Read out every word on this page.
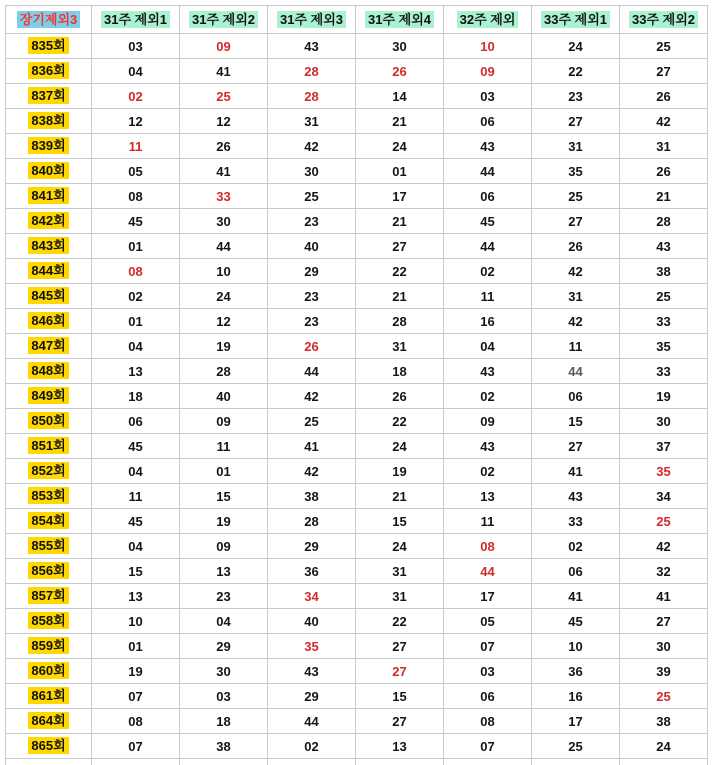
장기제외3	31주 제외1	31주 제외2	31주 제외3	31주 제외4	32주 제외	33주 제외1	33주 제외2
835회	03	09	43	30	10	24	25
836회	04	41	28	26	09	22	27
837회	02	25	28	14	03	23	26
838회	12	12	31	21	06	27	42
839회	11	26	42	24	43	31	31
840회	05	41	30	01	44	35	26
841회	08	33	25	17	06	25	21
842회	45	30	23	21	45	27	28
843회	01	44	40	27	44	26	43
844회	08	10	29	22	02	42	38
845회	02	24	23	21	11	31	25
846회	01	12	23	28	16	42	33
847회	04	19	26	31	04	11	35
848회	13	28	44	18	43	44	33
849회	18	40	42	26	02	06	19
850회	06	09	25	22	09	15	30
851회	45	11	41	24	43	27	37
852회	04	01	42	19	02	41	35
853회	11	15	38	21	13	43	34
854회	45	19	28	15	11	33	25
855회	04	09	29	24	08	02	42
856회	15	13	36	31	44	06	32
857회	13	23	34	31	17	41	41
858회	10	04	40	22	05	45	27
859회	01	29	35	27	07	10	30
860회	19	30	43	27	03	36	39
861회	07	03	29	15	06	16	25
864회	08	18	44	27	08	17	38
865회	07	38	02	13	07	25	24
